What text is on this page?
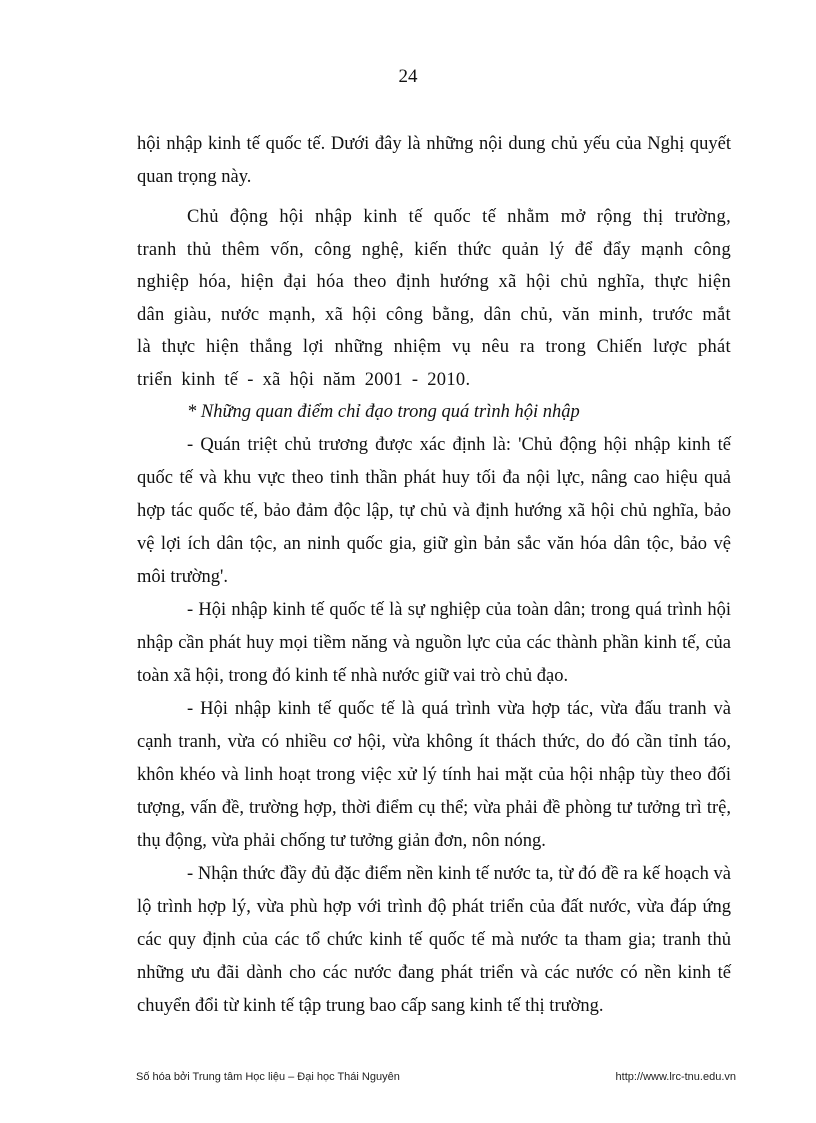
24

hội nhập kinh tế quốc tế. Dưới đây là những nội dung chủ yếu của Nghị quyết quan trọng này.

Chủ động hội nhập kinh tế quốc tế nhằm mở rộng thị trường, tranh thủ thêm vốn, công nghệ, kiến thức quản lý để đẩy mạnh công nghiệp hóa, hiện đại hóa theo định hướng xã hội chủ nghĩa, thực hiện dân giàu, nước mạnh, xã hội công bằng, dân chủ, văn minh, trước mắt là thực hiện thắng lợi những nhiệm vụ nêu ra trong Chiến lược phát triển kinh tế - xã hội năm 2001 - 2010.

* Những quan điểm chỉ đạo trong quá trình hội nhập

- Quán triệt chủ trương được xác định là: 'Chủ động hội nhập kinh tế quốc tế và khu vực theo tinh thần phát huy tối đa nội lực, nâng cao hiệu quả hợp tác quốc tế, bảo đảm độc lập, tự chủ và định hướng xã hội chủ nghĩa, bảo vệ lợi ích dân tộc, an ninh quốc gia, giữ gìn bản sắc văn hóa dân tộc, bảo vệ môi trường'.

- Hội nhập kinh tế quốc tế là sự nghiệp của toàn dân; trong quá trình hội nhập cần phát huy mọi tiềm năng và nguồn lực của các thành phần kinh tế, của toàn xã hội, trong đó kinh tế nhà nước giữ vai trò chủ đạo.

- Hội nhập kinh tế quốc tế là quá trình vừa hợp tác, vừa đấu tranh và cạnh tranh, vừa có nhiều cơ hội, vừa không ít thách thức, do đó cần tỉnh táo, khôn khéo và linh hoạt trong việc xử lý tính hai mặt của hội nhập tùy theo đối tượng, vấn đề, trường hợp, thời điểm cụ thể; vừa phải đề phòng tư tưởng trì trệ, thụ động, vừa phải chống tư tưởng giản đơn, nôn nóng.

- Nhận thức đầy đủ đặc điểm nền kinh tế nước ta, từ đó đề ra kế hoạch và lộ trình hợp lý, vừa phù hợp với trình độ phát triển của đất nước, vừa đáp ứng các quy định của các tổ chức kinh tế quốc tế mà nước ta tham gia; tranh thủ những ưu đãi dành cho các nước đang phát triển và các nước có nền kinh tế chuyển đổi từ kinh tế tập trung bao cấp sang kinh tế thị trường.

Số hóa bởi Trung tâm Học liệu – Đại học Thái Nguyên	http://www.lrc-tnu.edu.vn
